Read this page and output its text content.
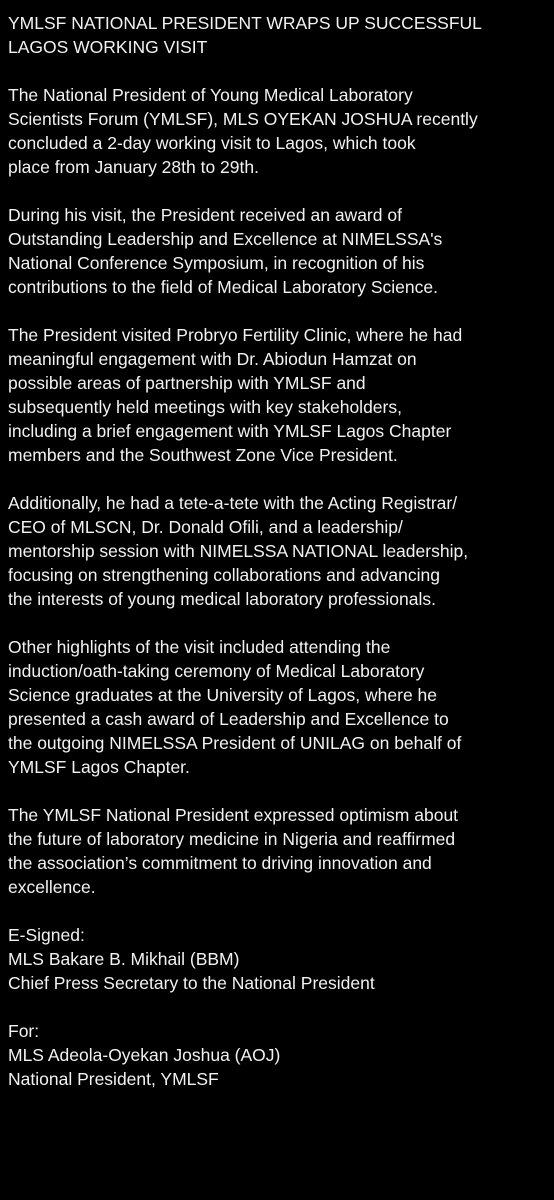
YMLSF NATIONAL PRESIDENT WRAPS UP SUCCESSFUL
LAGOS WORKING VISIT

The National President of Young Medical Laboratory
Scientists Forum (YMLSF), MLS OYEKAN JOSHUA recently
concluded a 2-day working visit to Lagos, which took
place from January 28th to 29th.

During his visit, the President received an award of
Outstanding Leadership and Excellence at NIMELSSA's
National Conference Symposium, in recognition of his
contributions to the field of Medical Laboratory Science.

The President visited Probryo Fertility Clinic, where he had
meaningful engagement with Dr. Abiodun Hamzat on
possible areas of partnership with YMLSF and
subsequently held meetings with key stakeholders,
including a brief engagement with YMLSF Lagos Chapter
members and the Southwest Zone Vice President.

Additionally, he had a tete-a-tete with the Acting Registrar/
CEO of MLSCN, Dr. Donald Ofili, and a leadership/
mentorship session with NIMELSSA NATIONAL leadership,
focusing on strengthening collaborations and advancing
the interests of young medical laboratory professionals.

Other highlights of the visit included attending the
induction/oath-taking ceremony of Medical Laboratory
Science graduates at the University of Lagos, where he
presented a cash award of Leadership and Excellence to
the outgoing NIMELSSA President of UNILAG on behalf of
YMLSF Lagos Chapter.

The YMLSF National President expressed optimism about
the future of laboratory medicine in Nigeria and reaffirmed
the association’s commitment to driving innovation and
excellence.

E-Signed:
MLS Bakare B. Mikhail (BBM)
Chief Press Secretary to the National President

For:
MLS Adeola-Oyekan Joshua (AOJ)
National President, YMLSF
